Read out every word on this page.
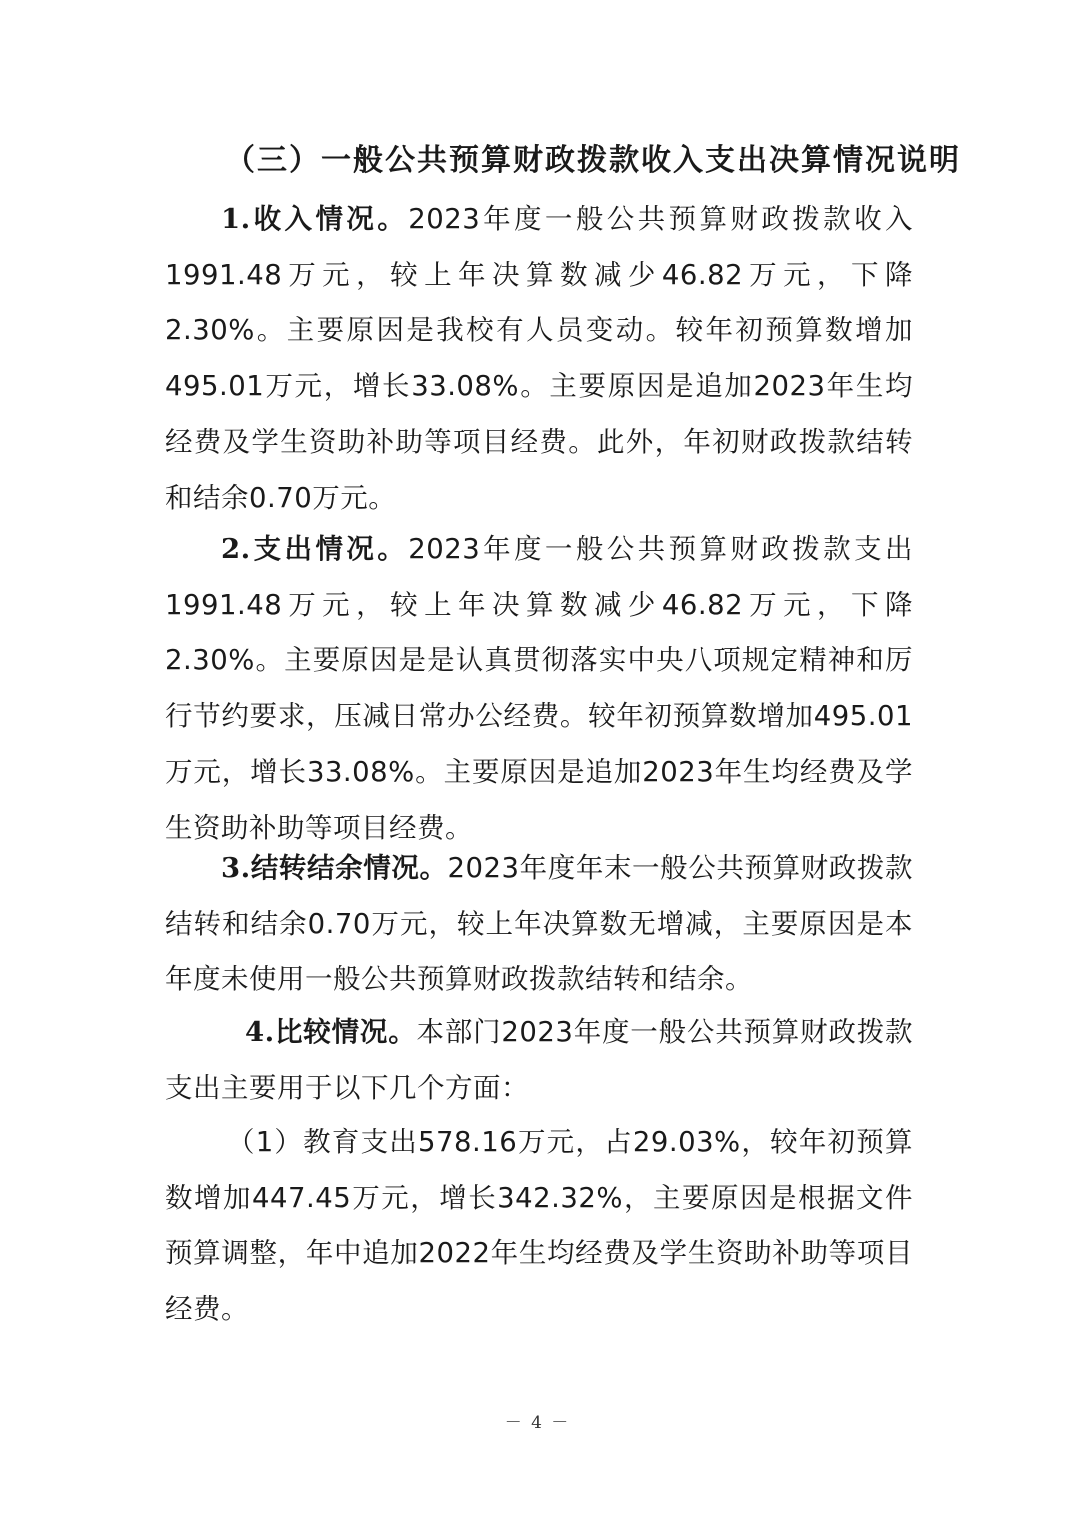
（三）一般公共预算财政拨款收入支出决算情况说明

1.收入情况。2023年度一般公共预算财政拨款收入1991.48万元，较上年决算数减少46.82万元，下降2.30%。主要原因是我校有人员变动。较年初预算数增加495.01万元，增长33.08%。主要原因是追加2023年生均经费及学生资助补助等项目经费。此外，年初财政拨款结转和结余0.70万元。

2.支出情况。2023年度一般公共预算财政拨款支出1991.48万元，较上年决算数减少46.82万元，下降2.30%。主要原因是是认真贯彻落实中央八项规定精神和厉行节约要求，压减日常办公经费。较年初预算数增加495.01万元，增长33.08%。主要原因是追加2023年生均经费及学生资助补助等项目经费。

3.结转结余情况。2023年度年末一般公共预算财政拨款结转和结余0.70万元，较上年决算数无增减，主要原因是本年度未使用一般公共预算财政拨款结转和结余。

4.比较情况。本部门2023年度一般公共预算财政拨款支出主要用于以下几个方面：

（1）教育支出578.16万元，占29.03%，较年初预算数增加447.45万元，增长342.32%，主要原因是根据文件预算调整，年中追加2022年生均经费及学生资助补助等项目经费。

－ 4 －
